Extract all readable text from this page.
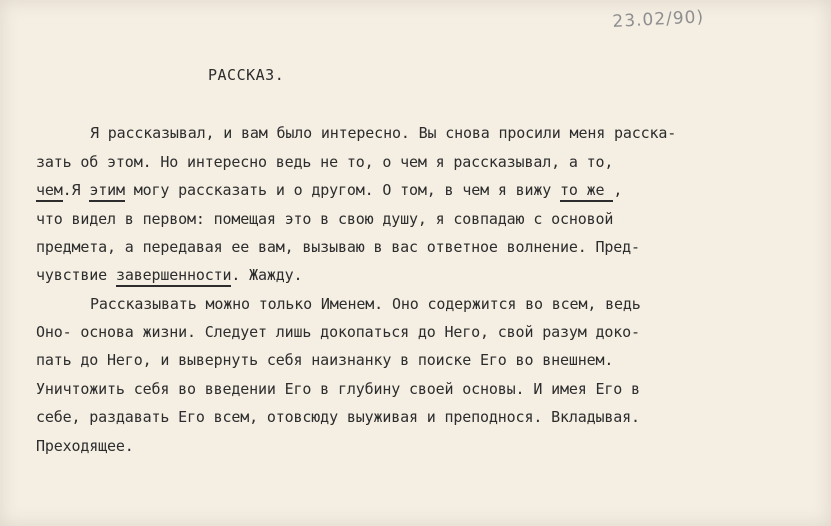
23.02/90)
РАССКАЗ.
Я рассказывал, и вам было интересно. Вы снова просили меня расска-
зать об этом. Но интересно ведь не то, о чем я рассказывал, а то,
чем.Я этим могу рассказать и о другом. О том, в чем я вижу то же ,
что видел в первом: помещая это в свою душу, я совпадаю с основой
предмета, а передавая ее вам, вызываю в вас ответное волнение. Пред-
чувствие завершенности. Жажду.
Рассказывать можно только Именем. Оно содержится во всем, ведь
Оно- основа жизни. Следует лишь докопаться до Него, свой разум доко-
пать до Него, и вывернуть себя наизнанку в поиске Его во внешнем.
Уничтожить себя во введении Его в глубину своей основы. И имея Его в
себе, раздавать Его всем, отовсюду выуживая и преподнося. Вкладывая.
Преходящее.
